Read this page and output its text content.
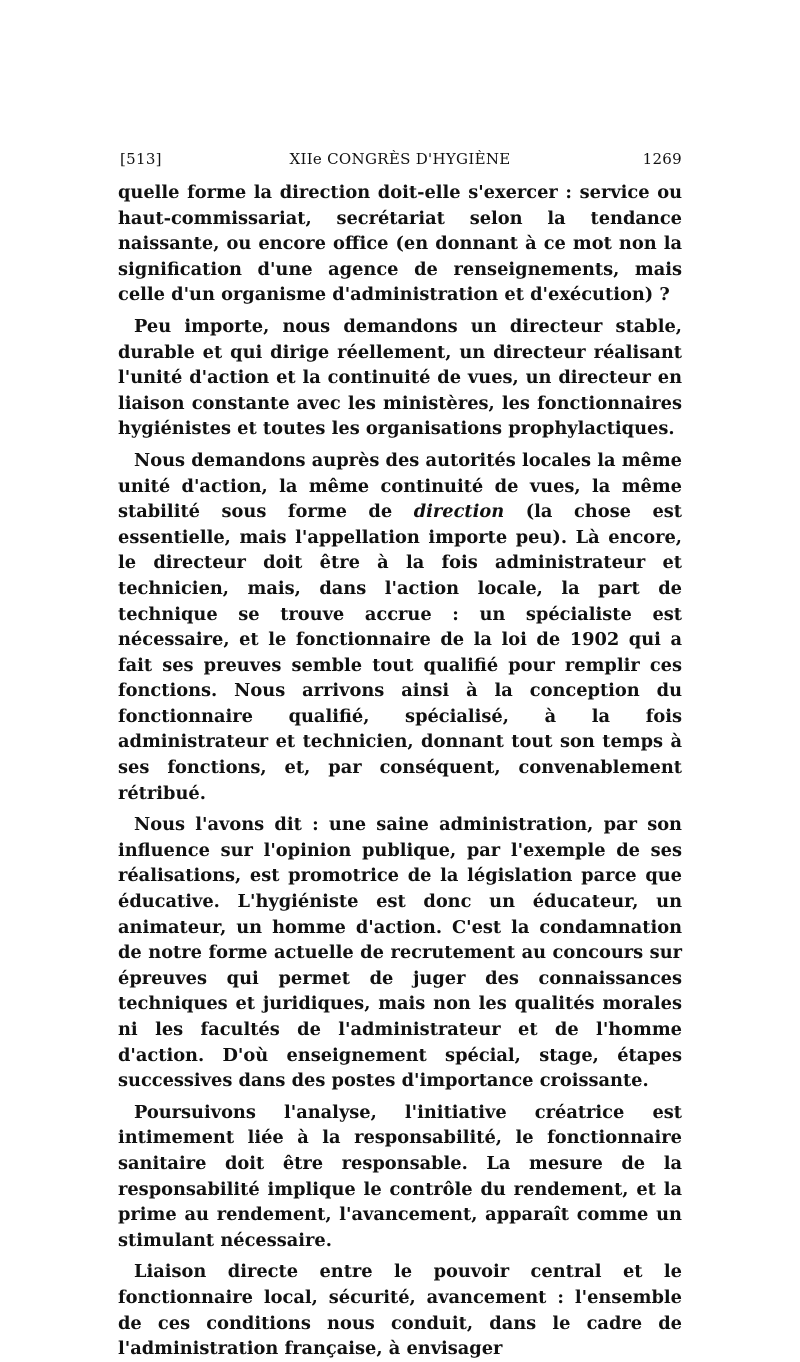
[513]	XIIe CONGRÈS D'HYGIÈNE	1269

quelle forme la direction doit-elle s'exercer : service ou haut-commissariat, secrétariat selon la tendance naissante, ou encore office (en donnant à ce mot non la signification d'une agence de renseignements, mais celle d'un organisme d'administration et d'exécution) ?

Peu importe, nous demandons un directeur stable, durable et qui dirige réellement, un directeur réalisant l'unité d'action et la continuité de vues, un directeur en liaison constante avec les ministères, les fonctionnaires hygiénistes et toutes les organisations prophylactiques.

Nous demandons auprès des autorités locales la même unité d'action, la même continuité de vues, la même stabilité sous forme de direction (la chose est essentielle, mais l'appellation importe peu). Là encore, le directeur doit être à la fois administrateur et technicien, mais, dans l'action locale, la part de technique se trouve accrue : un spécialiste est nécessaire, et le fonctionnaire de la loi de 1902 qui a fait ses preuves semble tout qualifié pour remplir ces fonctions. Nous arrivons ainsi à la conception du fonctionnaire qualifié, spécialisé, à la fois administrateur et technicien, donnant tout son temps à ses fonctions, et, par conséquent, convenablement rétribué.

Nous l'avons dit : une saine administration, par son influence sur l'opinion publique, par l'exemple de ses réalisations, est promotrice de la législation parce que éducative. L'hygiéniste est donc un éducateur, un animateur, un homme d'action. C'est la condamnation de notre forme actuelle de recrutement au concours sur épreuves qui permet de juger des connaissances techniques et juridiques, mais non les qualités morales ni les facultés de l'administrateur et de l'homme d'action. D'où enseignement spécial, stage, étapes successives dans des postes d'importance croissante.

Poursuivons l'analyse, l'initiative créatrice est intimement liée à la responsabilité, le fonctionnaire sanitaire doit être responsable. La mesure de la responsabilité implique le contrôle du rendement, et la prime au rendement, l'avancement, apparaît comme un stimulant nécessaire.

Liaison directe entre le pouvoir central et le fonctionnaire local, sécurité, avancement : l'ensemble de ces conditions nous conduit, dans le cadre de l'administration française, à envisager
